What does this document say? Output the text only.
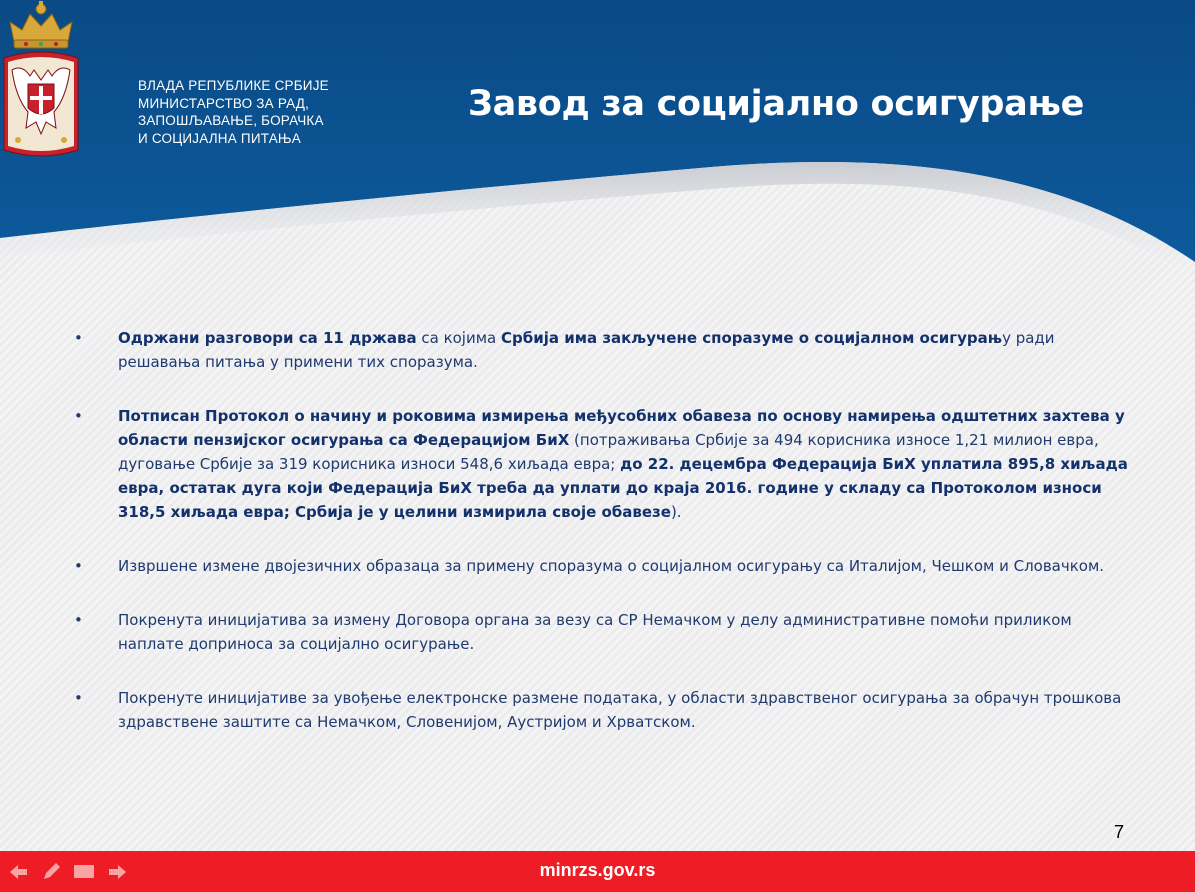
ВЛАДА РЕПУБЛИКЕ СРБИЈЕ
МИНИСТАРСТВО ЗА РАД,
ЗАПОШЉАВАЊЕ, БОРАЧКА
И СОЦИЈАЛНА ПИТАЊА
Завод за социјално осигурање
• Одржани разговори са 11 држава са којима Србија има закључене споразуме о социјалном осигурању ради решавања питања у примени тих споразума.
• Потписан Протокол о начину и роковима измирења међусобних обавеза по основу намирења одштетних захтева у области пензијског осигурања са Федерацијом БиХ (потраживања Србије за 494 корисника износе 1,21 милион евра, дуговање Србије за 319 корисника износи 548,6 хиљада евра; до 22. децембра Федерација БиХ уплатила 895,8 хиљада евра, остатак дуга који Федерација БиХ треба да уплати до краја 2016. године у складу са Протоколом износи 318,5 хиљада евра; Србија је у целини измирила своје обавезе).
• Извршене измене двојезичних образаца за примену споразума о социјалном осигурању са Италијом, Чешком и Словачком.
• Покренута иницијатива за измену Договора органа за везу са СР Немачком у делу административне помоћи приликом наплате доприноса за социјално осигурање.
• Покренуте иницијативе за увођење електронске размене података, у области здравственог осигурања за обрачун трошкова здравствене заштите са Немачком, Словенијом, Аустријом и Хрватском.
7
minrzs.gov.rs
